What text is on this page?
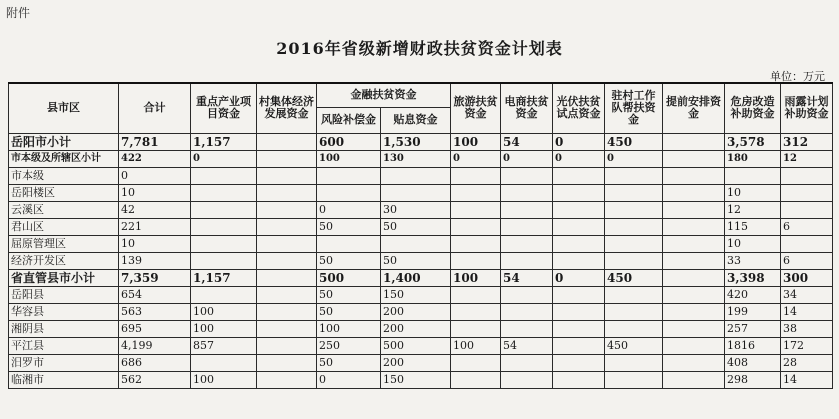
附件
2016年省级新增财政扶贫资金计划表
单位：万元
县市区	合计	重点产业项目资金	村集体经济发展资金	金融扶贫资金		旅游扶贫资金	电商扶贫资金	光伏扶贫试点资金	驻村工作队帮扶资金	提前安排资金	危房改造补助资金	雨露计划补助资金
				风险补偿金	贴息资金							
岳阳市小计	7,781	1,157		600	1,530	100	54	0	450		3,578	312
市本级及所辖区小计	422	0		100	130	0	0	0	0		180	12
市本级	0											
岳阳楼区	10										10	
云溪区	42			0	30						12	
君山区	221			50	50						115	6
屈原管理区	10										10	
经济开发区	139			50	50						33	6
省直管县市小计	7,359	1,157		500	1,400	100	54	0	450		3,398	300
岳阳县	654			50	150						420	34
华容县	563	100		50	200						199	14
湘阴县	695	100		100	200						257	38
平江县	4,199	857		250	500	100	54		450		1816	172
汨罗市	686			50	200						408	28
临湘市	562	100		0	150						298	14
